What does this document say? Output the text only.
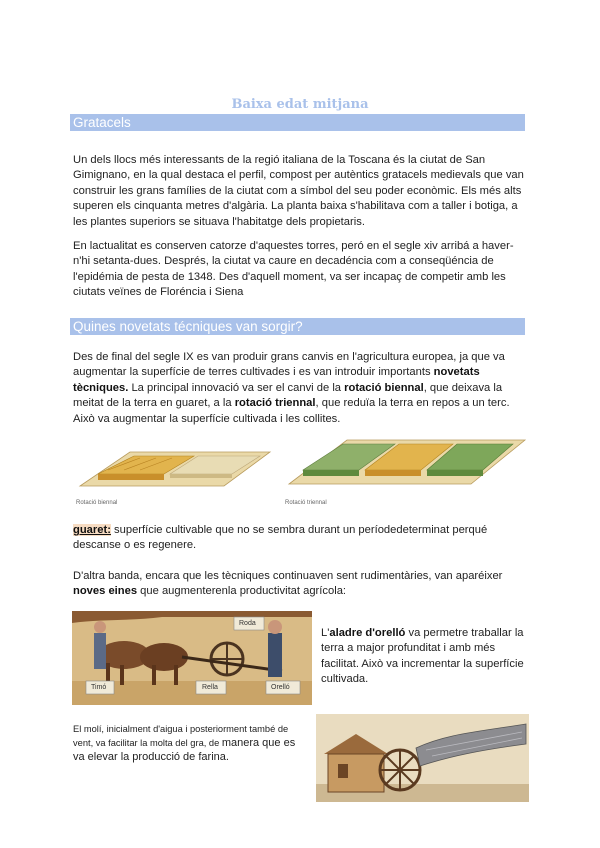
Baixa edat mitjana
Gratacels
Un dels llocs més interessants de la regió italiana de la Toscana és la ciutat de San Gimignano, en la qual destaca el perfil, compost per autèntics gratacels medievals que van construir les grans famílies de la ciutat com a símbol del seu poder econòmic. Els més alts superen els cinquanta metres d'algària. La planta baixa s'habilitava com a taller i botiga, a les plantes superiors se situava l'habitatge dels propietaris.
En lactualitat es conserven catorze d'aquestes torres, peró en el segle xiv arribá a haver-n'hi setanta-dues. Després, la ciutat va caure en decadéncia com a conseqüéncia de l'epidémia de pesta de 1348. Des d'aquell moment, va ser incapaç de competir amb les ciutats veïnes de Floréncia i Siena
Quines novetats técniques van sorgir?
Des de final del segle IX es van produir grans canvis en l'agricultura europea, ja que va augmentar la superfície de terres cultivades i es van introduir importants novetats tècniques. La principal innovació va ser el canvi de la rotació biennal, que deixava la meitat de la terra en guaret, a la rotació triennal, que reduïa la terra en repos a un terc. Això va augmentar la superfície cultivada i les collites.
Rotació biennal	Rotació triennal
guaret: superfície cultivable que no se sembra durant un períodedeterminat perqué descanse o es regenere.
D'altra banda, encara que les tècniques continuaven sent rudimentàries, van aparéixer noves eines que augmenterenla productivitat agrícola:
Roda
Timó	Rella	Orelló
L'aladre d'orelló va permetre traballar la terra a major profunditat i amb més facilitat. Això va incrementar la superfície cultivada.
El molí, inicialment d'aigua i posteriorment també de vent, va facilitar la molta del gra, de manera que es va elevar la producció de farina.
